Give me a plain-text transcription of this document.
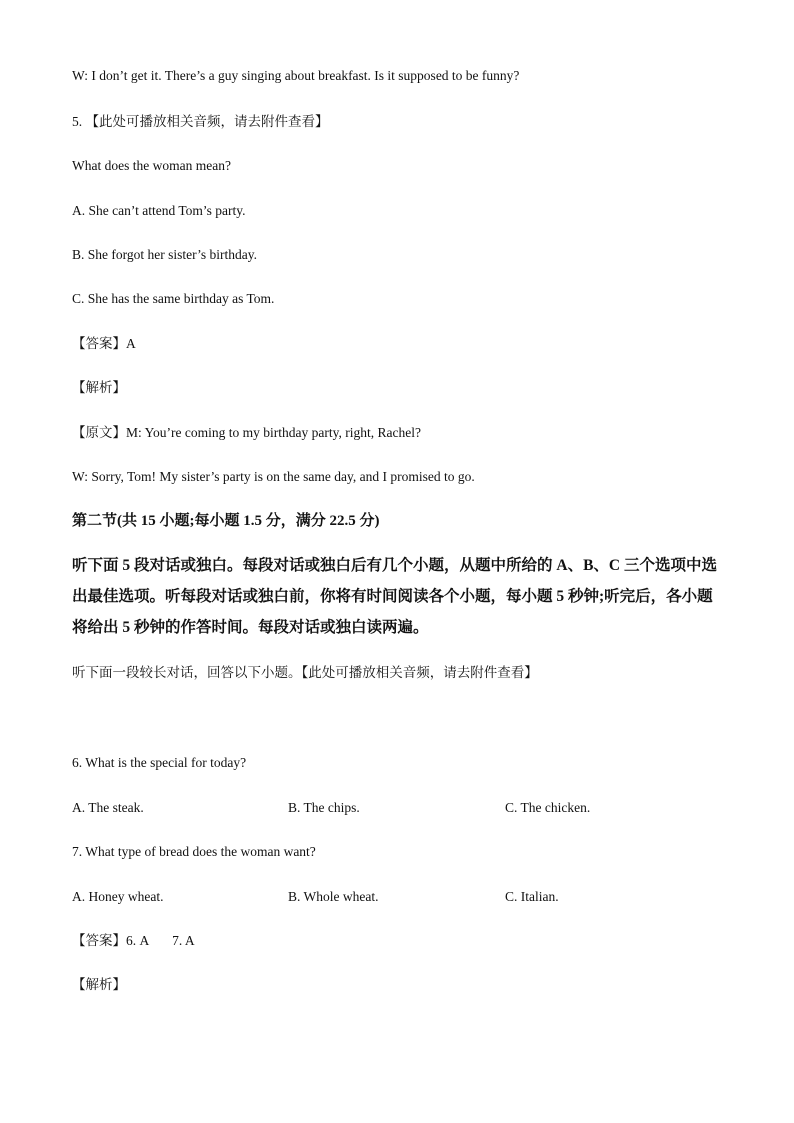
W: I don’t get it. There’s a guy singing about breakfast. Is it supposed to be funny?
5. 【此处可播放相关音频，请去附件查看】
What does the woman mean?
A. She can’t attend Tom’s party.
B. She forgot her sister’s birthday.
C. She has the same birthday as Tom.
【答案】A
【解析】
【原文】M: You’re coming to my birthday party, right, Rachel?
W: Sorry, Tom! My sister’s party is on the same day, and I promised to go.
第二节(共 15 小题;每小题 1.5 分，满分 22.5 分)
听下面 5 段对话或独白。每段对话或独白后有几个小题，从题中所给的 A、B、C 三个选项中选出最佳选项。听每段对话或独白前，你将有时间阅读各个小题，每小题 5 秒钟;听完后，各小题将给出 5 秒钟的作答时间。每段对话或独白读两遍。
听下面一段较长对话，回答以下小题。【此处可播放相关音频，请去附件查看】
6. What is the special for today?
A. The steak.	B. The chips.	C. The chicken.
7. What type of bread does the woman want?
A. Honey wheat.	B. Whole wheat.	C. Italian.
【答案】6. A       7. A
【解析】
